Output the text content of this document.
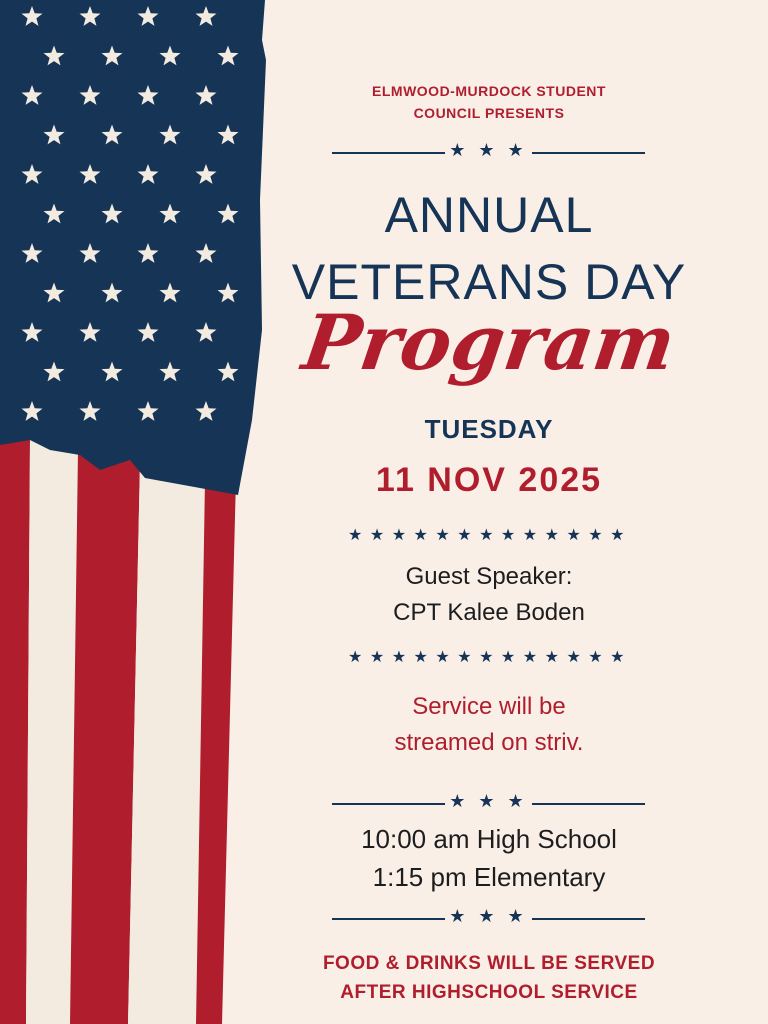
ELMWOOD-MURDOCK STUDENT
COUNCIL PRESENTS
★ ★ ★
ANNUAL
VETERANS DAY
Program
TUESDAY
11 NOV 2025
★★★★★★★★★★★★★
Guest Speaker:
CPT Kalee Boden
★★★★★★★★★★★★★
Service will be
streamed on striv.
★ ★ ★
10:00 am High School
1:15 pm Elementary
★ ★ ★
FOOD & DRINKS WILL BE SERVED
AFTER HIGHSCHOOL SERVICE
